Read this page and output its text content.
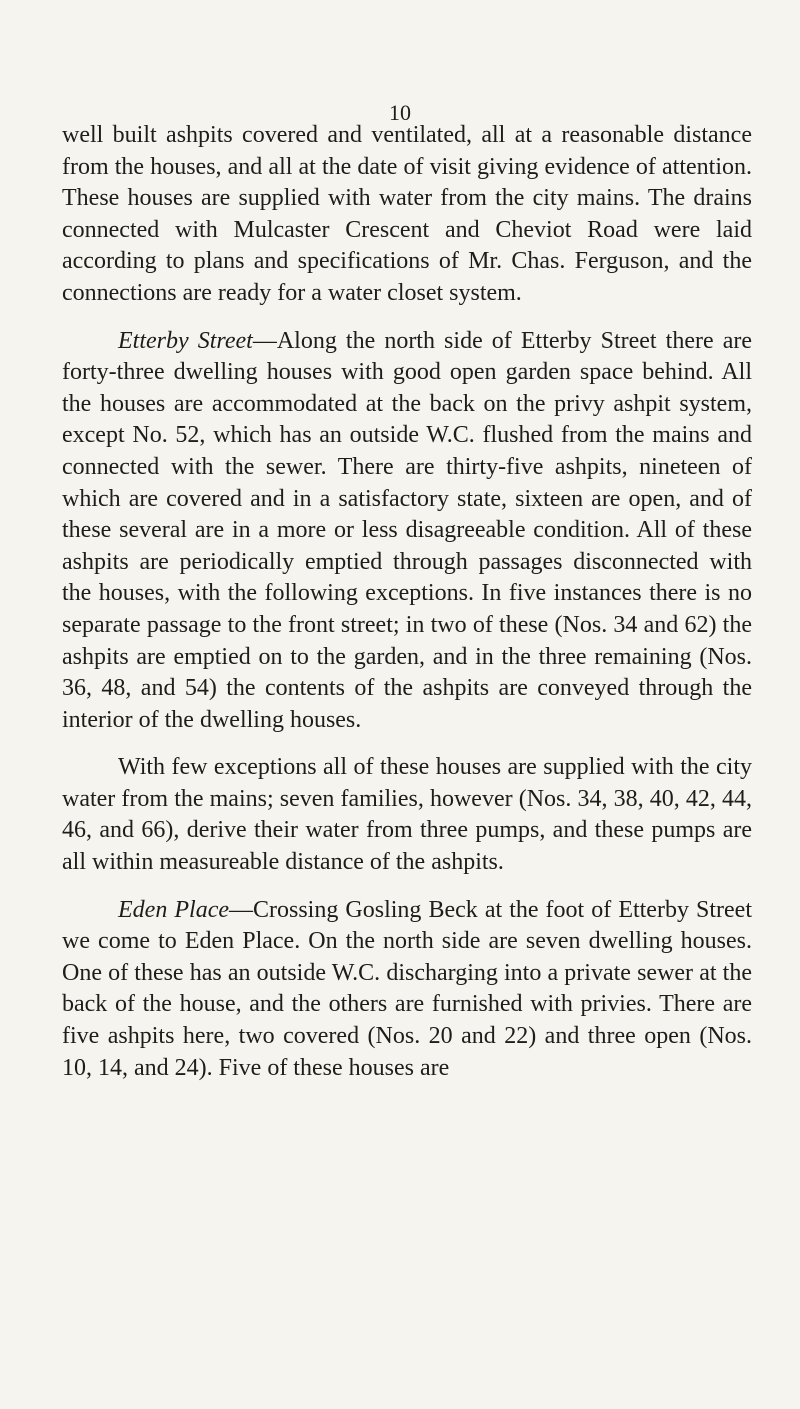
10

well built ashpits covered and ventilated, all at a reasonable distance from the houses, and all at the date of visit giving evidence of attention. These houses are supplied with water from the city mains. The drains connected with Mulcaster Crescent and Cheviot Road were laid according to plans and specifications of Mr. Chas. Ferguson, and the connections are ready for a water closet system.

Etterby Street—Along the north side of Etterby Street there are forty-three dwelling houses with good open garden space behind. All the houses are accommodated at the back on the privy ashpit system, except No. 52, which has an outside W.C. flushed from the mains and connected with the sewer. There are thirty-five ashpits, nineteen of which are covered and in a satisfactory state, sixteen are open, and of these several are in a more or less disagreeable condition. All of these ashpits are periodically emptied through passages disconnected with the houses, with the following exceptions. In five instances there is no separate passage to the front street; in two of these (Nos. 34 and 62) the ashpits are emptied on to the garden, and in the three remaining (Nos. 36, 48, and 54) the contents of the ashpits are conveyed through the interior of the dwelling houses.

With few exceptions all of these houses are supplied with the city water from the mains; seven families, however (Nos. 34, 38, 40, 42, 44, 46, and 66), derive their water from three pumps, and these pumps are all within measureable distance of the ashpits.

Eden Place—Crossing Gosling Beck at the foot of Etterby Street we come to Eden Place. On the north side are seven dwelling houses. One of these has an outside W.C. discharging into a private sewer at the back of the house, and the others are furnished with privies. There are five ashpits here, two covered (Nos. 20 and 22) and three open (Nos. 10, 14, and 24). Five of these houses are
